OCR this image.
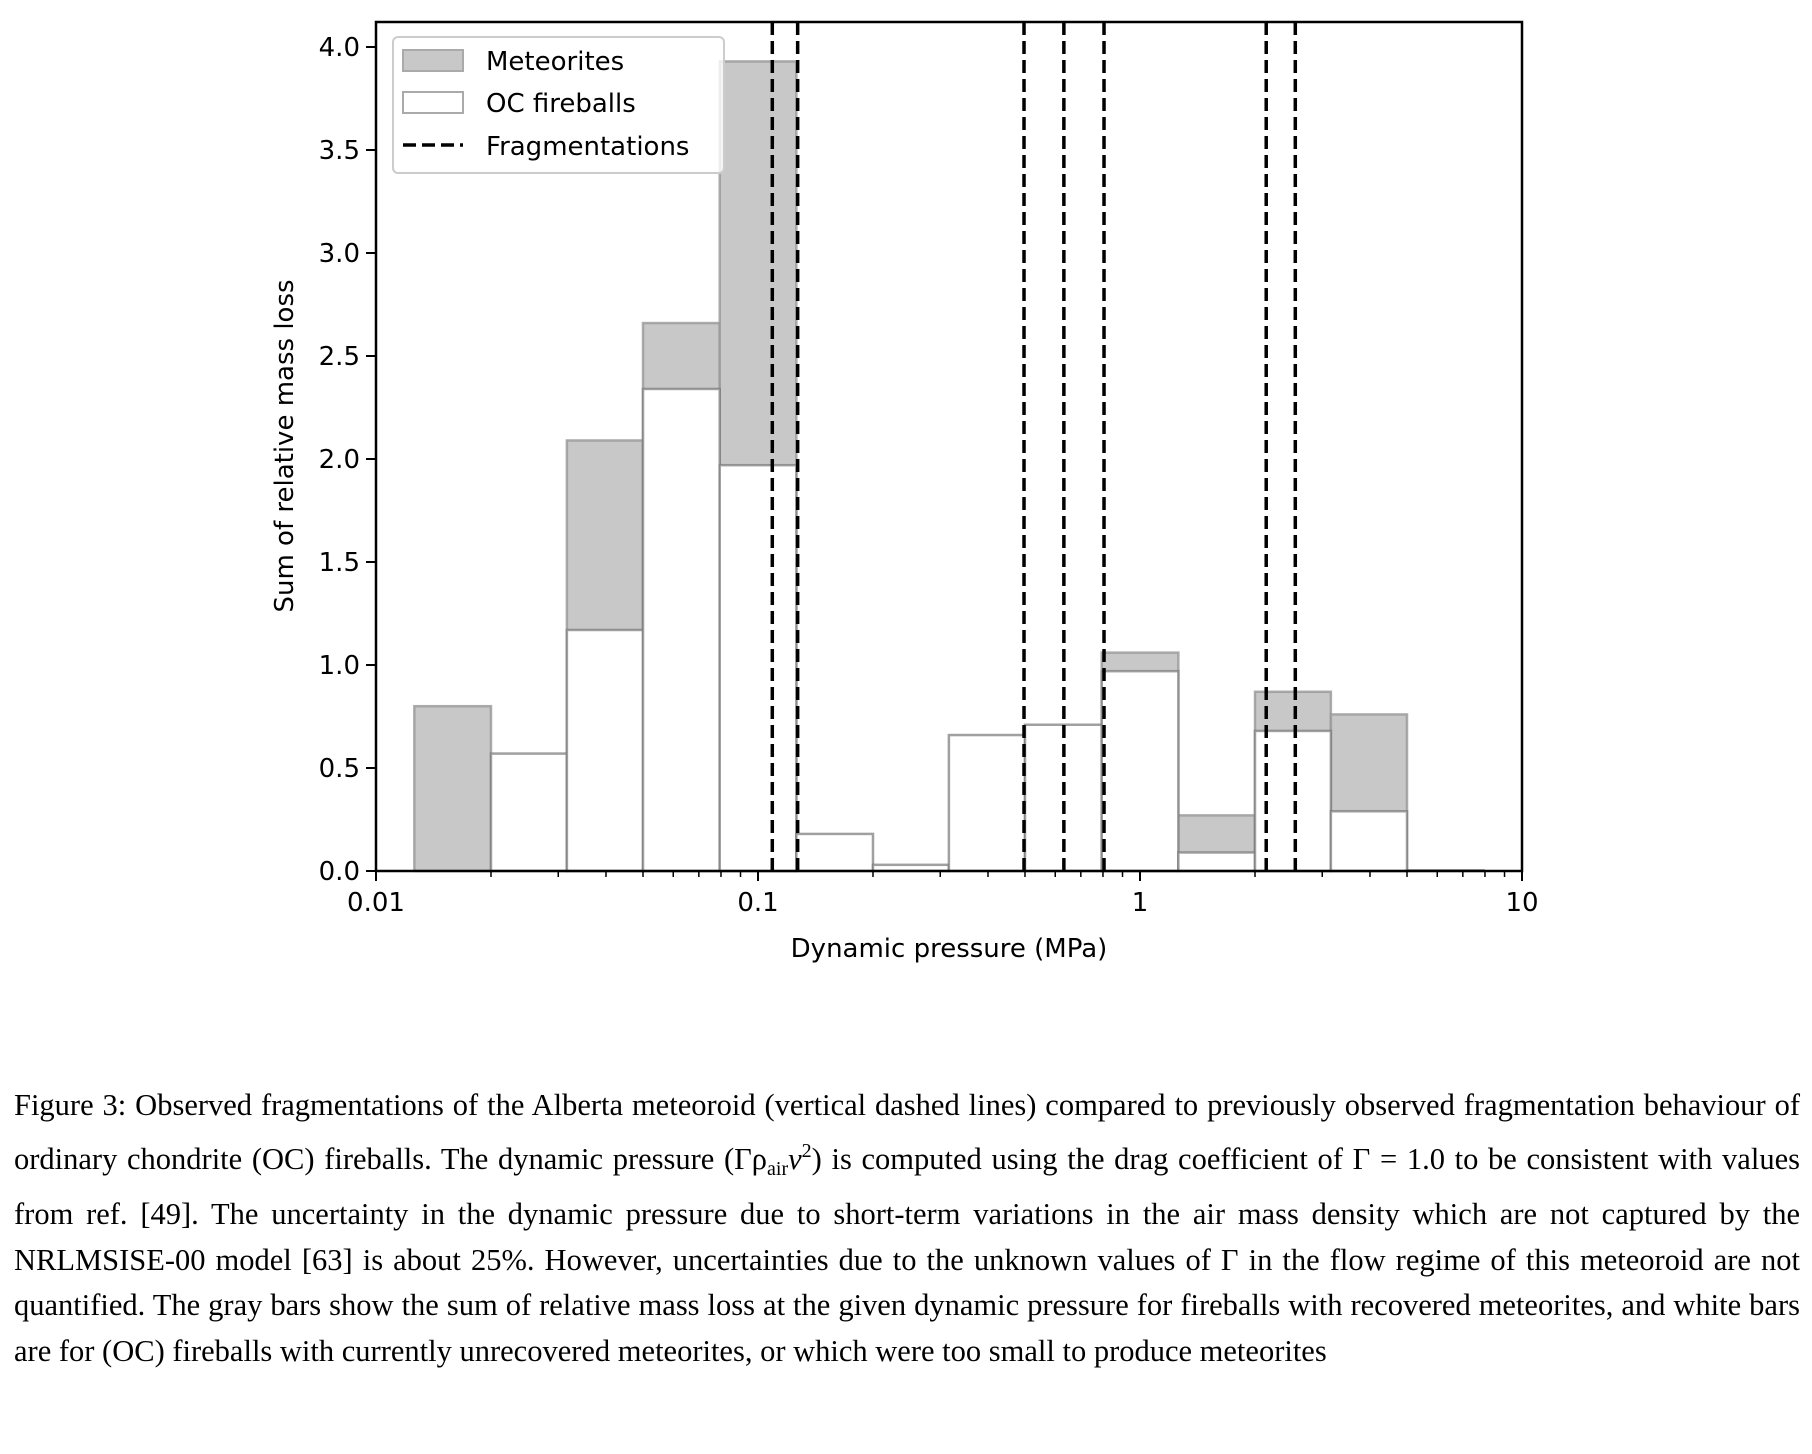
0.01	0.1	1	10
0.0
0.5
1.0
1.5
2.0
2.5
3.0
3.5
4.0
Dynamic pressure (MPa)
Sum of relative mass loss
Meteorites
OC fireballs
Fragmentations
Figure 3: Observed fragmentations of the Alberta meteoroid (vertical dashed lines) compared to previously observed fragmentation behaviour of ordinary chondrite (OC) fireballs. The dynamic pressure $(\Gamma\rho_{air}v^2)$ is computed using the drag coefficient of Γ = 1.0 to be consistent with values from ref. [49]. The uncertainty in the dynamic pressure due to short-term variations in the air mass density which are not captured by the NRLMSISE-00 model [63] is about 25%. However, uncertainties due to the unknown values of Γ in the flow regime of this meteoroid are not quantified. The gray bars show the sum of relative mass loss at the given dynamic pressure for fireballs with recovered meteorites, and white bars are for (OC) fireballs with currently unrecovered meteorites, or which were too small to produce meteorites
